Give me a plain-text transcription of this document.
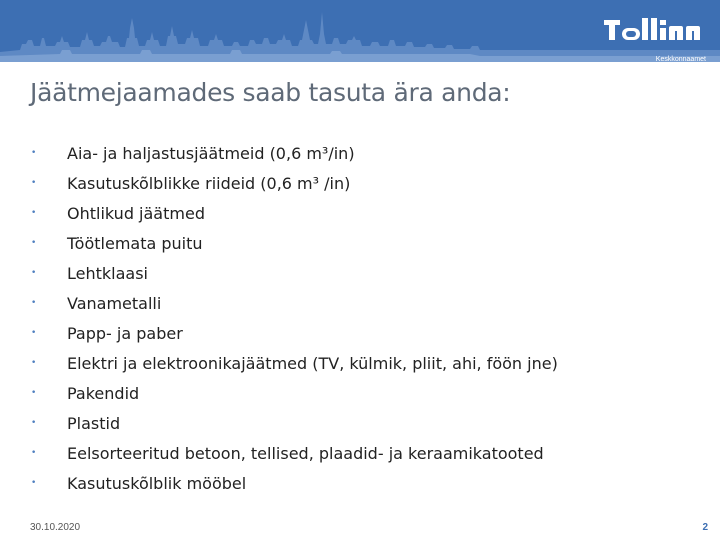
Keskkonnaamet
Jäätmejaamades saab tasuta ära anda:
•	Aia- ja haljastusjäätmeid (0,6 m³/in)
•	Kasutuskõlblikke riideid (0,6 m³ /in)
•	Ohtlikud jäätmed
•	Töötlemata puitu
•	Lehtklaasi
•	Vanametalli
•	Papp- ja paber
•	Elektri ja elektroonikajäätmed (TV, külmik, pliit, ahi, föön jne)
•	Pakendid
•	Plastid
•	Eelsorteeritud betoon, tellised, plaadid- ja keraamikatooted
•	Kasutuskõlblik mööbel
30.10.2020	2
